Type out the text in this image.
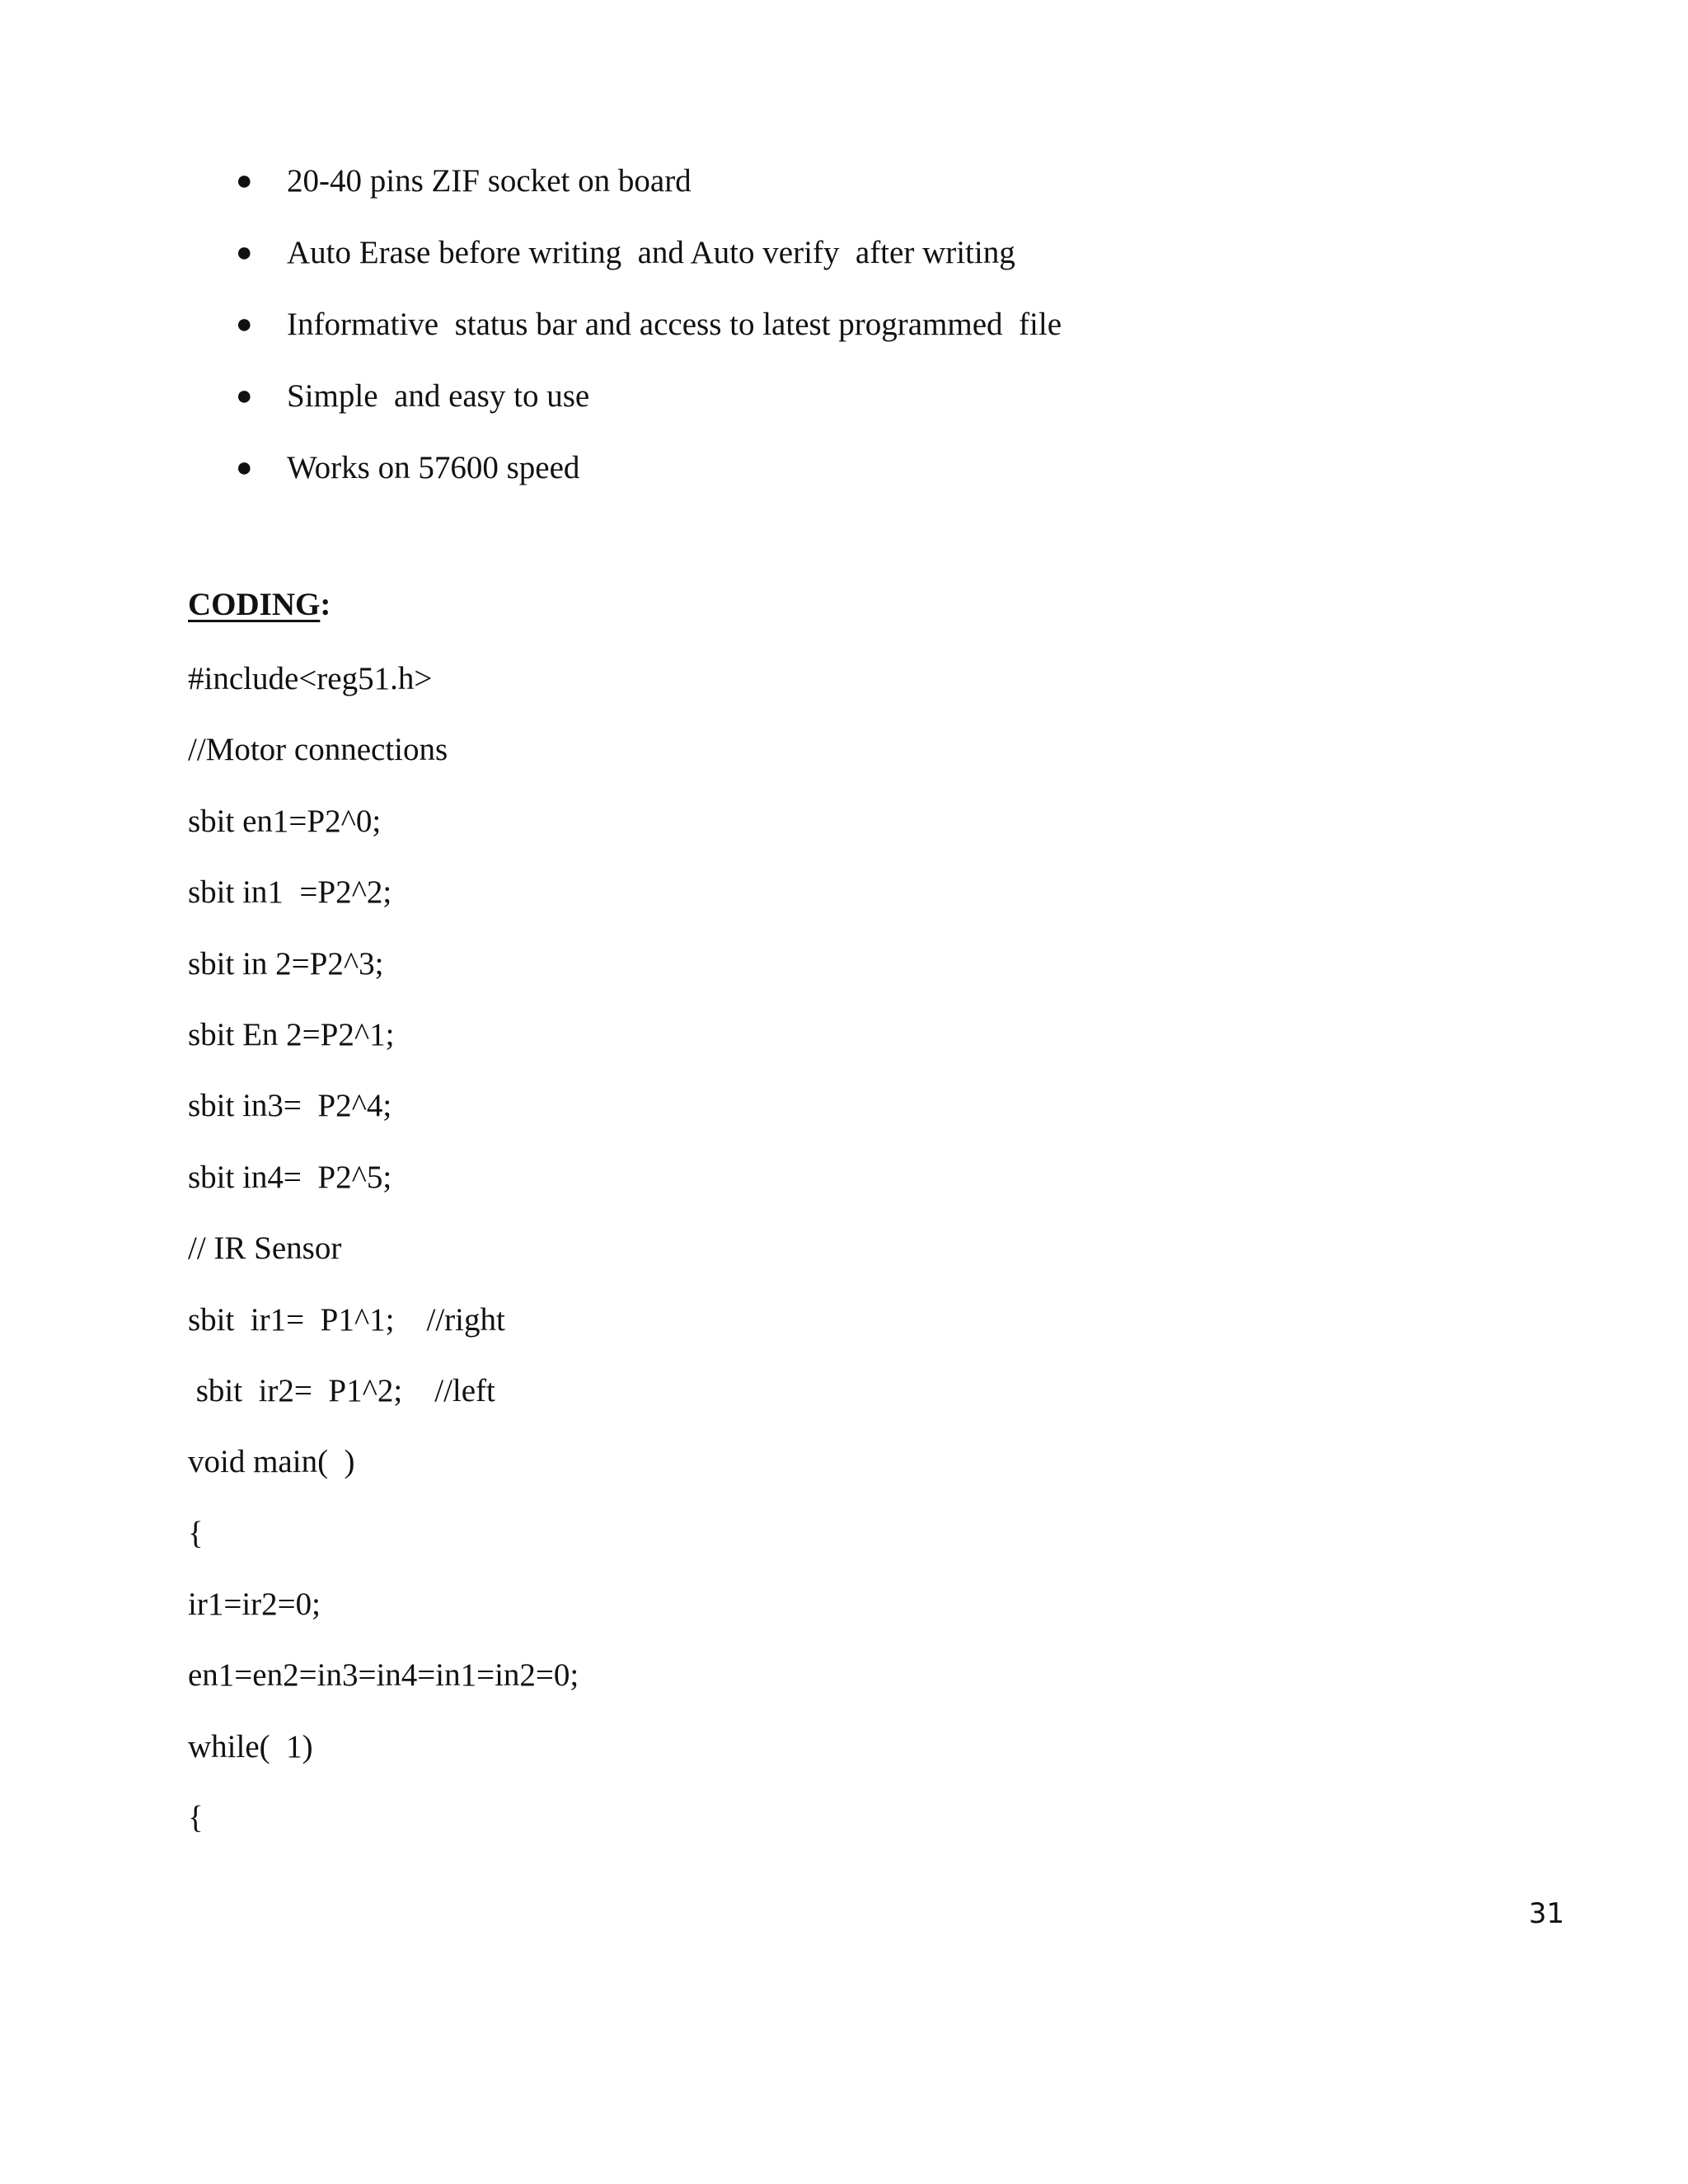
●

	20-40 pins ZIF socket on board

●

	Auto Erase before writing  and Auto verify  after writing

●

	Informative  status bar and access to latest programmed  file

●

	Simple  and easy to use

●

	Works on 57600 speed

CODING:
#include<reg51.h>
//Motor connections
sbit en1=P2^0;
sbit in1  =P2^2;
sbit in 2=P2^3;
sbit En 2=P2^1;
sbit in3=  P2^4;
sbit in4=  P2^5;
// IR Sensor
sbit  ir1=  P1^1;    //right
sbit  ir2=  P1^2;    //left
void main(  )
{
ir1=ir2=0;
en1=en2=in3=in4=in1=in2=0;
while(  1)
{
31
